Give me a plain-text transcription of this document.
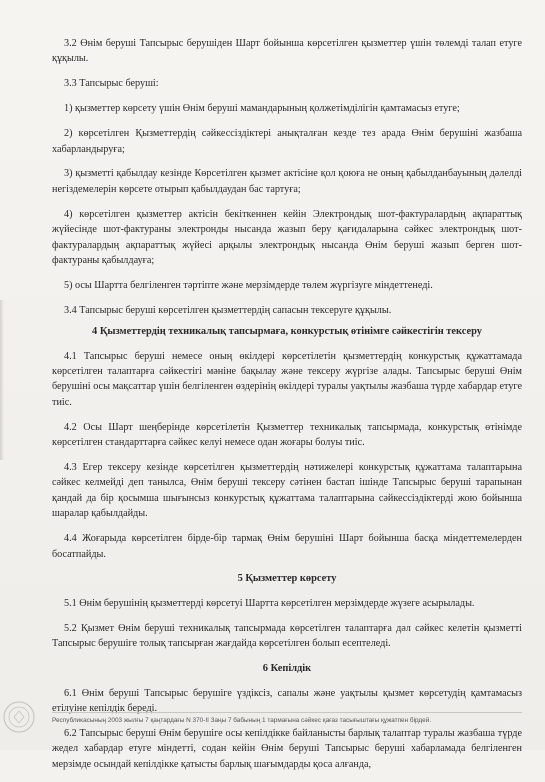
3.2 Өнім беруші Тапсырыс берушіден Шарт бойынша көрсетілген қызметтер үшін төлемді талап етуге құқылы.

3.3 Тапсырыс беруші:

1) қызметтер көрсету үшін Өнім беруші мамандарының қолжетімділігін қамтамасыз етуге;

2) көрсетілген Қызметтердің сәйкессіздіктері анықталған кезде тез арада Өнім берушіні жазбаша хабарландыруға;

3) қызметті қабылдау кезінде Көрсетілген қызмет актісіне қол қоюға не оның қабылданбауының дәлелді негіздемелерін көрсете отырып қабылдаудан бас тартуға;

4) көрсетілген қызметтер актісін бекіткеннен кейін Электрондық шот-фактуралардың ақпараттық жүйесінде шот-фактураны электронды нысанда жазып беру қағидаларына сәйкес электрондық шот-фактуралардың ақпараттық жүйесі арқылы электрондық нысанда Өнім беруші жазып берген шот-фактураны қабылдауға;

5) осы Шартта белгіленген тәртіпте және мерзімдерде төлем жүргізуге міндеттенеді.

3.4 Тапсырыс беруші көрсетілген қызметтердің сапасын тексеруге құқылы.

4 Қызметтердің техникалық тапсырмаға, конкурстық өтінімге сәйкестігін тексеру

4.1 Тапсырыс беруші немесе оның өкілдері көрсетілетін қызметтердің конкурстық құжаттамада көрсетілген талаптарға сәйкестігі мәніне бақылау және тексеру жүргізе алады. Тапсырыс беруші Өнім берушіні осы мақсаттар үшін белгіленген өздерінің өкілдері туралы уақтылы жазбаша түрде хабардар етуге тиіс.

4.2 Осы Шарт шеңберінде көрсетілетін Қызметтер техникалық тапсырмада, конкурстық өтінімде көрсетілген стандарттарға сәйкес келуі немесе одан жоғары болуы тиіс.

4.3 Егер тексеру кезінде көрсетілген қызметтердің нәтижелері конкурстық құжаттама талаптарына сәйкес келмейді деп танылса, Өнім беруші тексеру сәтінен бастап ішінде Тапсырыс беруші тарапынан қандай да бір қосымша шығынсыз конкурстық құжаттама талаптарына сәйкессіздіктерді жою бойынша шаралар қабылдайды.

4.4 Жоғарыда көрсетілген бірде-бір тармақ Өнім берушіні Шарт бойынша басқа міндеттемелерден босатпайды.

5 Қызметтер көрсету

5.1 Өнім берушінің қызметтерді көрсетуі Шартта көрсетілген мерзімдерде жүзеге асырылады.

5.2 Қызмет Өнім беруші техникалық тапсырмада көрсетілген талаптарға дәл сәйкес келетін қызметті Тапсырыс берушіге толық тапсырған жағдайда көрсетілген болып есептеледі.

6 Кепілдік

6.1 Өнім беруші Тапсырыс берушіге үздіксіз, сапалы және уақтылы қызмет көрсетудің қамтамасыз етілуіне кепілдік береді.

6.2 Тапсырыс беруші Өнім берушіге осы кепілдікке байланысты барлық талаптар туралы жазбаша түрде жедел хабардар етуге міндетті, содан кейін Өнім беруші Тапсырыс беруші хабарламада белгіленген мерзімде осындай кепілдікке қатысты барлық шағымдарды қоса алғанда,

Республикасының 2003 жылғы 7 қаңтардағы N 370-II Заңы 7 бабының 1 тармағына сәйкес қағаз тасығыштағы құжатпен бірдей.
